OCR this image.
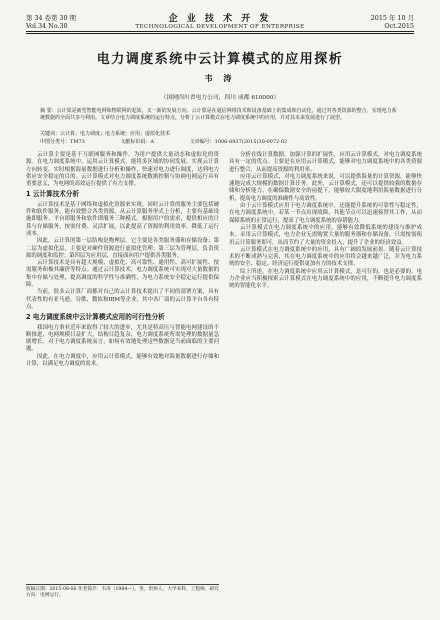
第 34 卷第 30 期
Vol.34 No.30
企 业 技 术 开 发
TECHNOLOGICAL DEVELOPMENT OF ENTERPRISE
2015 年 10 月
Oct.2015
电力调度系统中云计算模式的应用探析
韦 涛
（国网四川省电力公司，四川 成都 610000）
摘 要：云计算是新型智能电网和物联网的起始，又一新的发展方向。云计算是在通信网络技术和设备基础上的集成和自动化，通过对各类资源的整合，实现电力系统数据的全面共享与利用。文章结合电力调度系统的运行特点，分析了云计算模式在电力调度系统中的应用，并对其未来发展进行了展望。
关键词：云计算；电力调度；电力系统；应用；虚拟化技术
中图分类号：TM73	文献标识码：A	文章编号：1006-8937(2015)30-0072-02

云计算主要是基于互联网服务和操作，为用户提供大量动态和虚拟化的资源。在电力调度系统中，运用云计算模式，能将多区域的协同发展，实现云计算方向转变，实时根据海量数据进行分析和操作，快速对电力进行调度，达到电力供应安全稳定的目的。云计算模式对电力调度系统数据控制与协调电网运行具有重要意义，为电网的高效运行提供了有力支撑。

1 云计算技术分析

云计算技术是基于网络和虚拟化资源来实现。同时云计算的服务主要包括硬件和软件服务，能有效整合各类资源。从云计算服务形式上分析，主要有基础设施即服务、平台即服务和软件即服务三种模式。根据用户的需求，提供相应的计算与存储服务，按需付费、灵活扩展，以此提高了资源的利用效率，降低了运行成本。

因此，云计算的第一层结构是物理层，它主要是各类服务器和存储设备；第二层为虚拟化层，主要是对硬件资源进行虚拟化管理；第三层为管理层，负责资源的调度和监控；第四层为应用层，直接面向用户提供各类服务。

云计算技术是具有超大规模、虚拟化、高可靠性、通用性、高可扩展性、按需服务和极其廉价等特点。通过云计算技术，电力调度系统可实现对大量数据的集中存储与处理，提高调度的科学性与准确性，为电力系统安全稳定运行提供保障。

当前，很多云计算厂商都对自己的云计算技术提出了不同的部署方案，具有代表性的有亚马逊、谷歌、微软和IBM等企业，其中各厂商的云计算平台各有特点。

2 电力调度系统中云计算模式应用的可行性分析

我国电力事业近年来取得了较大的进步，尤其是特高压与智能电网建设的不断推进，电网规模日益扩大，结构日趋复杂，电力调度系统所需处理的数据量急剧增长。对于电力调度系统而言，如何有效地处理这些数据是当前面临的主要问题。

因此，在电力调度中，应用云计算模式，能够有效地对海量数据进行存储和计算，以满足电力调度的需求。

分析在线计算数据，加强计算的扩展性，应用云计算模式，对电力调度系统具有一定的优点。主要是在应用云计算模式，能够对电力调度系统中的各类资源进行整合，从而提高资源的利用率。

应用云计算模式，对电力调度系统来说，可以提供海量的计算资源，能够快速地完成大规模的数据计算任务。此外，云计算模式，还可以提供较强的数据存储和分析能力，在确保数据安全的前提下，能够较大限度地利用海量数据进行分析，提高电力调度的准确性与高效性。

由于云计算模式应用于电力调度系统中，还能提升系统的可靠性与稳定性，在电力调度系统中，若某一节点出现故障，其他节点可以迅速接替其工作，从而保障系统的正常运行，提高了电力调度系统的容错能力。

云计算模式在电力调度系统中的应用，能够有效降低系统的建设与维护成本。采用云计算模式，电力企业无需购置大量的服务器和存储设备，只需按需租用云计算服务即可，从而节约了大量的资金投入，提升了企业的经济效益。

云计算模式在电力调度系统中的应用，具有广阔的发展前景。随着云计算技术的不断成熟与完善，其在电力调度系统中的应用将会越来越广泛，并为电力系统的安全、稳定、经济运行提供更加有力的技术支撑。

综上所述，在电力调度系统中应用云计算模式，是可行的，也是必要的。电力企业应当积极探索云计算模式在电力调度系统中的应用，不断提升电力调度系统的智能化水平。

收稿日期：2015-08-06 作者简介：韦涛（1984—），男，贵州人，大学本科，工程师，研究方向：电网运行。
